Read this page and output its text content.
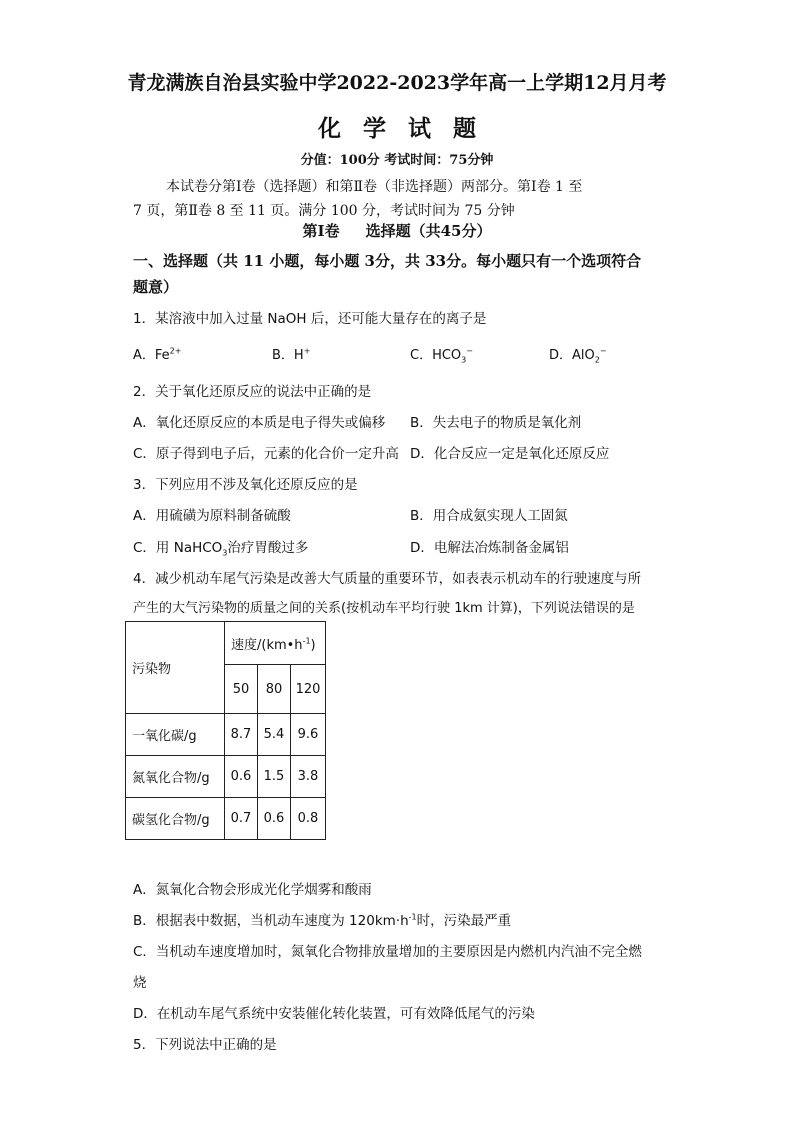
青龙满族自治县实验中学2022-2023学年高一上学期12月月考
化学试题
分值：100分 考试时间：75分钟
本试卷分第Ⅰ卷（选择题）和第Ⅱ卷（非选择题）两部分。第Ⅰ卷 1 至
7 页，第Ⅱ卷 8 至 11 页。满分 100 分，考试时间为 75 分钟
第Ⅰ卷 选择题（共45分）
一、选择题（共 11 小题，每小题 3分，共 33分。每小题只有一个选项符合
题意）
1．某溶液中加入过量 NaOH 后，还可能大量存在的离子是
A．$Fe^{2+}$	B．H+	C．$HCO_3^-$	D．AlO$_2$−
2．关于氧化还原反应的说法中正确的是
A．氧化还原反应的本质是电子得失或偏移 B．失去电子的物质是氧化剂
C．原子得到电子后，元素的化合价一定升高 D．化合反应一定是氧化还原反应
3．下列应用不涉及氧化还原反应的是
A．用硫磺为原料制备硫酸	B．用合成氨实现人工固氮
C．用 NaHCO$_3$治疗胃酸过多	D．电解法冶炼制备金属铝
4．减少机动车尾气污染是改善大气质量的重要环节，如表表示机动车的行驶速度与所
产生的大气污染物的质量之间的关系(按机动车平均行驶 1km 计算)，下列说法错误的是
污染物	速度$/(km•h^{-1})$		
	50	80	120
一氧化碳/g	8.7	5.4	9.6
氮氧化合物/g	0.6	1.5	3.8
碳氢化合物/g	0.7	0.6	0.8
A．氮氧化合物会形成光化学烟雾和酸雨
B．根据表中数据，当机动车速度为 $120km\cdot h^{-1}$时，污染最严重
C．当机动车速度增加时，氮氧化合物排放量增加的主要原因是内燃机内汽油不完全燃
烧
D．在机动车尾气系统中安装催化转化装置，可有效降低尾气的污染
5．下列说法中正确的是
